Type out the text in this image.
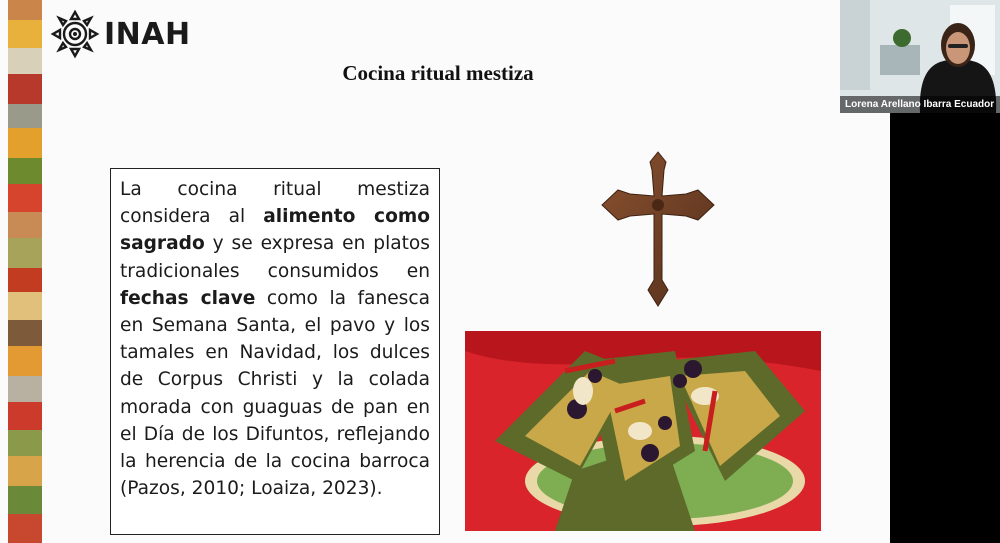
INAH
Cocina ritual mestiza
La cocina ritual mestiza considera al alimento como sagrado y se expresa en platos tradicionales consumidos en fechas clave como la fanesca en Semana Santa, el pavo y los tamales en Navidad, los dulces de Corpus Christi y la colada morada con guaguas de pan en el Día de los Difuntos, reflejando la herencia de la cocina barroca (Pazos, 2010; Loaiza, 2023).
Lorena Arellano Ibarra Ecuador
